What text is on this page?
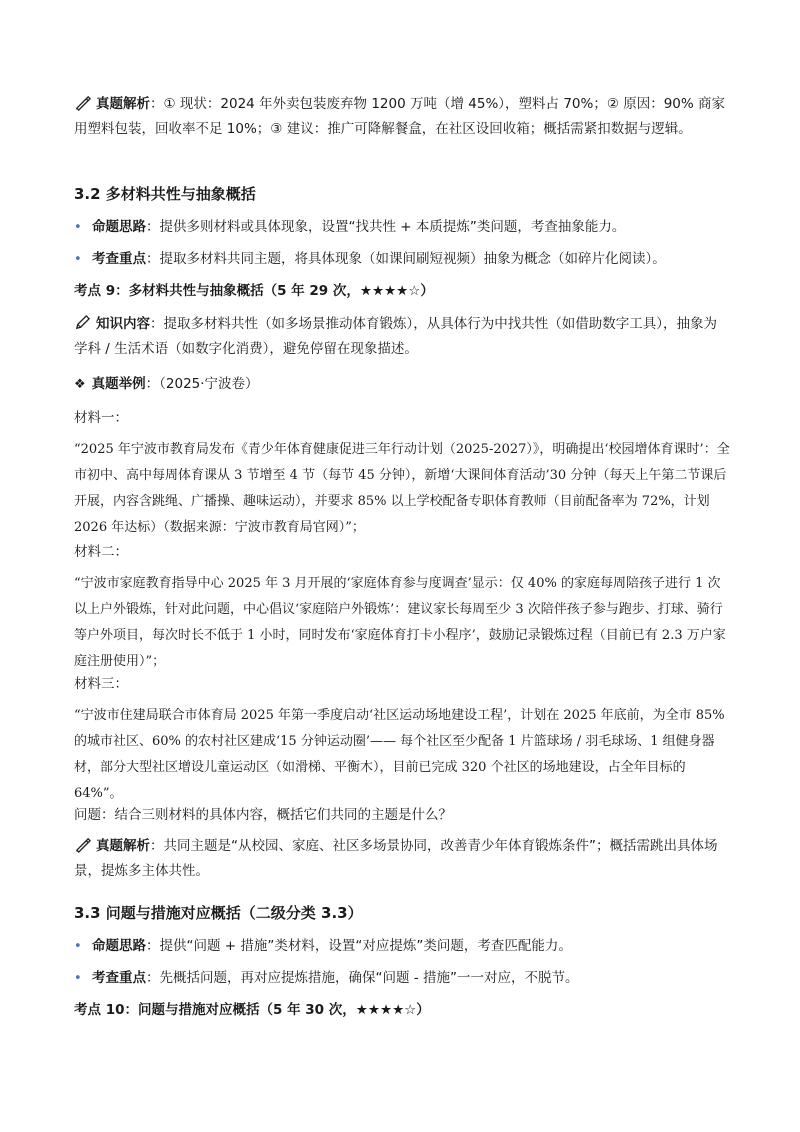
真题解析：① 现状：2024 年外卖包装废弃物 1200 万吨（增 45%），塑料占 70%；② 原因：90% 商家用塑料包装，回收率不足 10%；③ 建议：推广可降解餐盒，在社区设回收箱；概括需紧扣数据与逻辑。
3.2 多材料共性与抽象概括
• 命题思路：提供多则材料或具体现象，设置“找共性 + 本质提炼”类问题，考查抽象能力。
• 考查重点：提取多材料共同主题，将具体现象（如课间刷短视频）抽象为概念（如碎片化阅读）。
考点 9：多材料共性与抽象概括（5 年 29 次，★★★★☆）
知识内容：提取多材料共性（如多场景推动体育锻炼），从具体行为中找共性（如借助数字工具），抽象为学科 / 生活术语（如数字化消费），避免停留在现象描述。
❖ 真题举例：（2025·宁波卷）
材料一：
“2025 年宁波市教育局发布《青少年体育健康促进三年行动计划（2025-2027）》，明确提出‘校园增体育课时’：全市初中、高中每周体育课从 3 节增至 4 节（每节 45 分钟），新增‘大课间体育活动’30 分钟（每天上午第二节课后开展，内容含跳绳、广播操、趣味运动），并要求 85% 以上学校配备专职体育教师（目前配备率为 72%，计划 2026 年达标）（数据来源：宁波市教育局官网）”；
材料二：
“宁波市家庭教育指导中心 2025 年 3 月开展的‘家庭体育参与度调查’显示：仅 40% 的家庭每周陪孩子进行 1 次以上户外锻炼，针对此问题，中心倡议‘家庭陪户外锻炼’：建议家长每周至少 3 次陪伴孩子参与跑步、打球、骑行等户外项目，每次时长不低于 1 小时，同时发布‘家庭体育打卡小程序’，鼓励记录锻炼过程（目前已有 2.3 万户家庭注册使用）”；
材料三：
“宁波市住建局联合市体育局 2025 年第一季度启动‘社区运动场地建设工程’，计划在 2025 年底前，为全市 85% 的城市社区、60% 的农村社区建成‘15 分钟运动圈’—— 每个社区至少配备 1 片篮球场 / 羽毛球场、1 组健身器材，部分大型社区增设儿童运动区（如滑梯、平衡木），目前已完成 320 个社区的场地建设，占全年目标的 64%”。
问题：结合三则材料的具体内容，概括它们共同的主题是什么？
真题解析：共同主题是“从校园、家庭、社区多场景协同，改善青少年体育锻炼条件”；概括需跳出具体场景，提炼多主体共性。
3.3 问题与措施对应概括（二级分类 3.3）
• 命题思路：提供“问题 + 措施”类材料，设置“对应提炼”类问题，考查匹配能力。
• 考查重点：先概括问题，再对应提炼措施，确保“问题 - 措施”一一对应，不脱节。
考点 10：问题与措施对应概括（5 年 30 次，★★★★☆）
